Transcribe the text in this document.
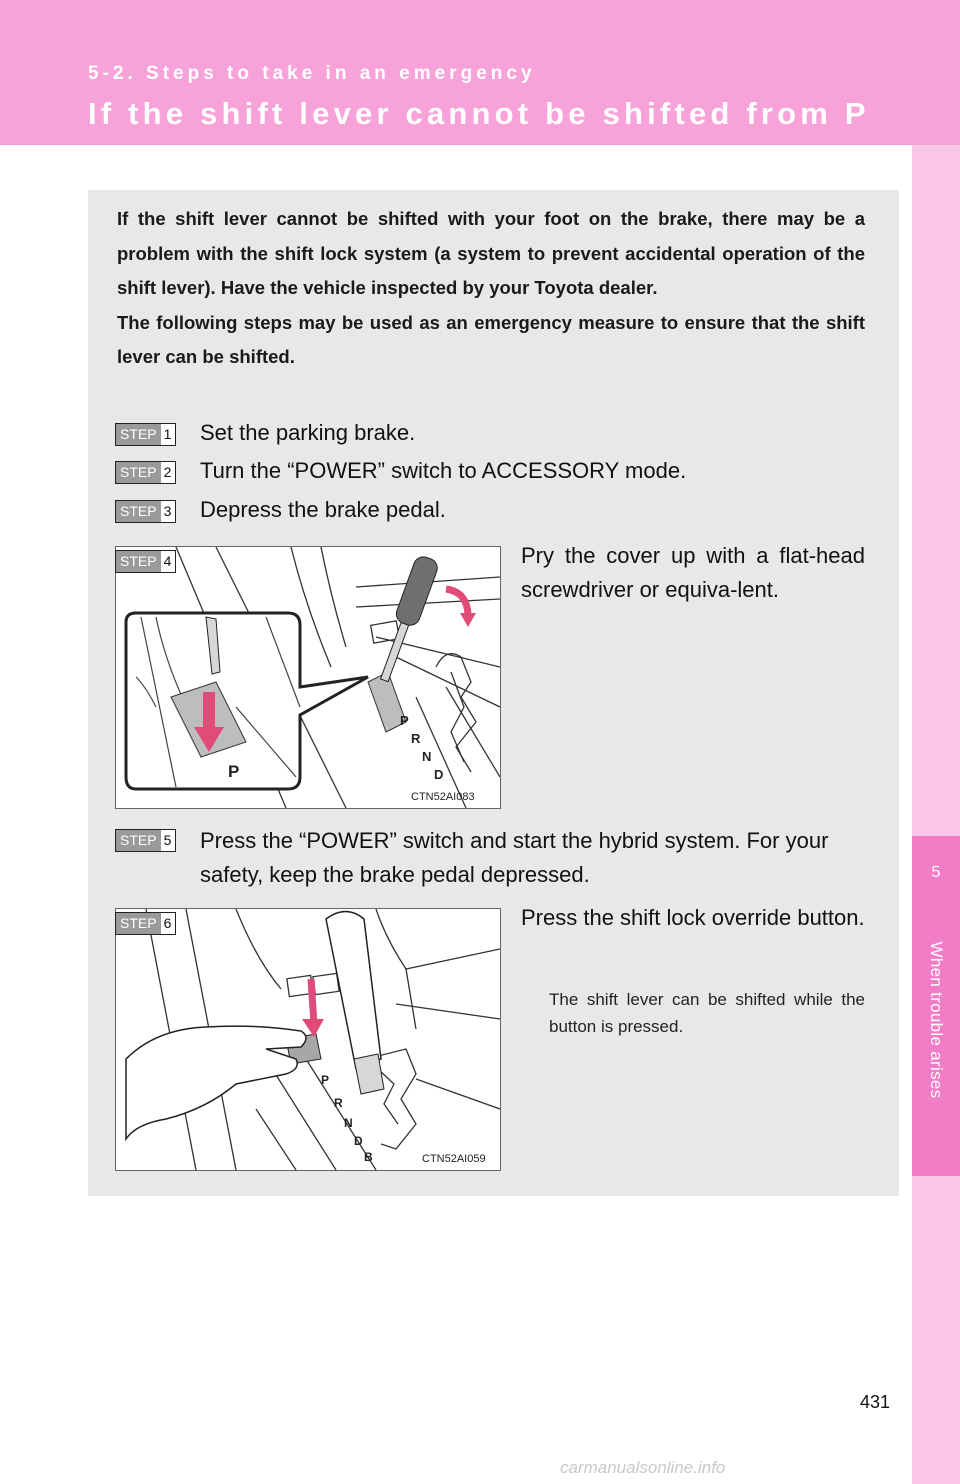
5-2. Steps to take in an emergency
If the shift lever cannot be shifted from P
5
When trouble arises

If the shift lever cannot be shifted with your foot on the brake, there may be a problem with the shift lock system (a system to prevent accidental operation of the shift lever). Have the vehicle inspected by your Toyota dealer.

The following steps may be used as an emergency measure to ensure that the shift lever can be shifted.

STEP 1 Set the parking brake.
STEP 2 Turn the “POWER” switch to ACCESSORY mode.
STEP 3 Depress the brake pedal.
P
R
N
D
P
CTN52AI083
STEP 4	Pry the cover up with a flat-head screwdriver or equiva-lent.
STEP 5 Press the “POWER” switch and start the hybrid system. For your safety, keep the brake pedal depressed.
P
R
N
D
B	CTN52AI059
STEP 6	Press the shift lock override button.
The shift lever can be shifted while the button is pressed.
431
carmanualsonline.info
